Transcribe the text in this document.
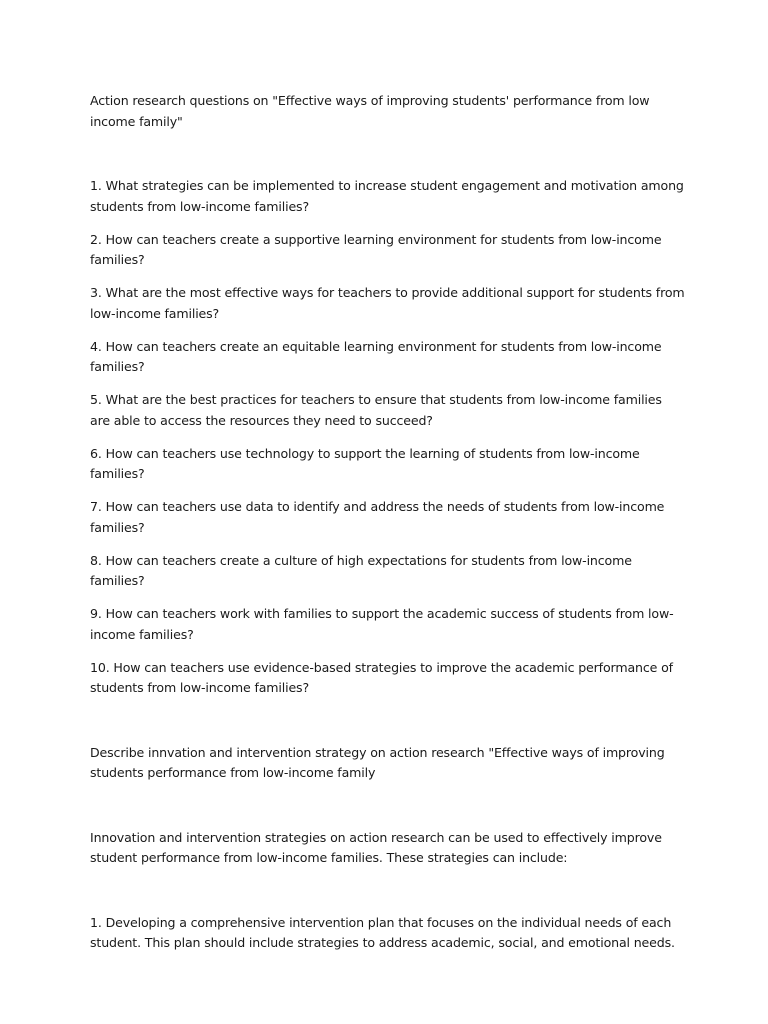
Action research questions on "Effective ways of improving students' performance from low income family"

1. What strategies can be implemented to increase student engagement and motivation among students from low-income families?

2. How can teachers create a supportive learning environment for students from low-income families?

3. What are the most effective ways for teachers to provide additional support for students from low-income families?

4. How can teachers create an equitable learning environment for students from low-income families?

5. What are the best practices for teachers to ensure that students from low-income families are able to access the resources they need to succeed?

6. How can teachers use technology to support the learning of students from low-income families?

7. How can teachers use data to identify and address the needs of students from low-income families?

8. How can teachers create a culture of high expectations for students from low-income families?

9. How can teachers work with families to support the academic success of students from low-income families?

10. How can teachers use evidence-based strategies to improve the academic performance of students from low-income families?

Describe innvation and intervention strategy on action research "Effective ways of improving students performance from low-income family

Innovation and intervention strategies on action research can be used to effectively improve student performance from low-income families. These strategies can include:

1. Developing a comprehensive intervention plan that focuses on the individual needs of each student. This plan should include strategies to address academic, social, and emotional needs.
